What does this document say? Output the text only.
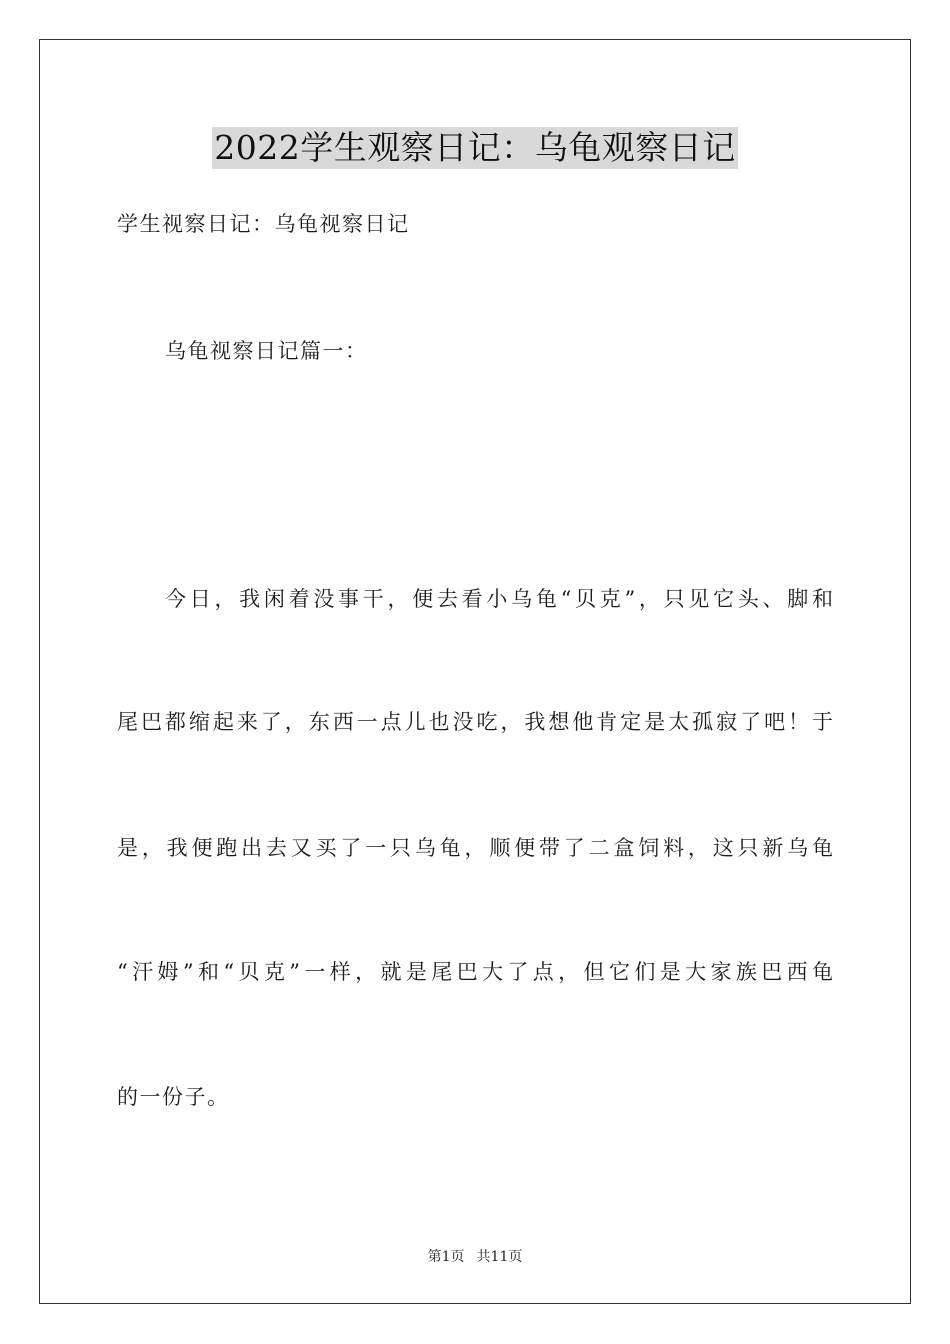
2022学生观察日记：乌龟观察日记
学生视察日记：乌龟视察日记
乌龟视察日记篇一：
今日，我闲着没事干，便去看小乌龟“贝克”，只见它头、脚和
尾巴都缩起来了，东西一点儿也没吃，我想他肯定是太孤寂了吧！于
是，我便跑出去又买了一只乌龟，顺便带了二盒饲料，这只新乌龟
“汗姆”和“贝克”一样，就是尾巴大了点，但它们是大家族巴西龟
的一份子。
第1页 共11页
